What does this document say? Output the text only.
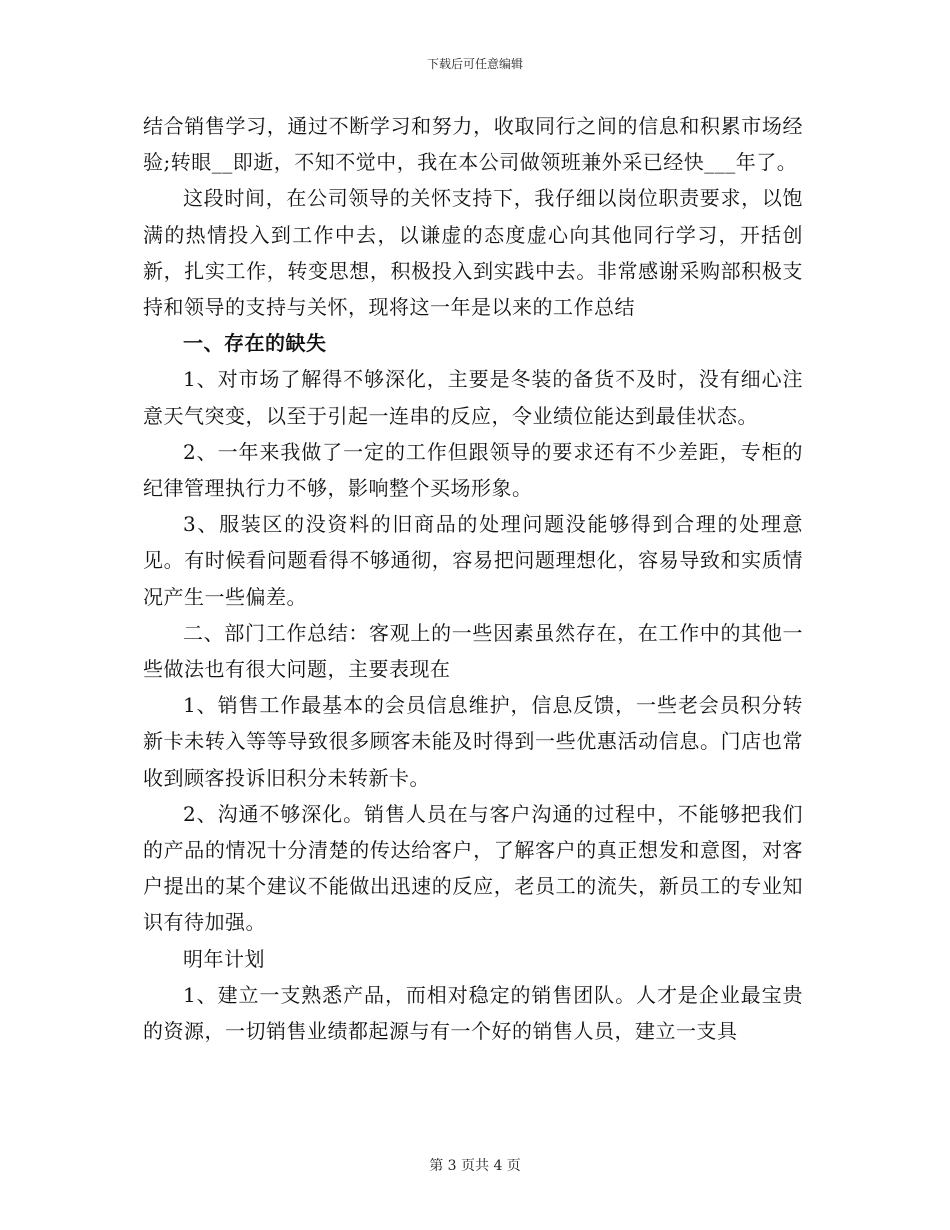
下载后可任意编辑

结合销售学习，通过不断学习和努力，收取同行之间的信息和积累市场经验;转眼__即逝，不知不觉中，我在本公司做领班兼外采已经快___年了。

这段时间，在公司领导的关怀支持下，我仔细以岗位职责要求，以饱满的热情投入到工作中去，以谦虚的态度虚心向其他同行学习，开括创新，扎实工作，转变思想，积极投入到实践中去。非常感谢采购部积极支持和领导的支持与关怀，现将这一年是以来的工作总结

一、存在的缺失

1、对市场了解得不够深化，主要是冬装的备货不及时，没有细心注意天气突变，以至于引起一连串的反应，令业绩位能达到最佳状态。

2、一年来我做了一定的工作但跟领导的要求还有不少差距，专柜的纪律管理执行力不够，影响整个买场形象。

3、服装区的没资料的旧商品的处理问题没能够得到合理的处理意见。有时候看问题看得不够通彻，容易把问题理想化，容易导致和实质情况产生一些偏差。

二、部门工作总结：客观上的一些因素虽然存在，在工作中的其他一些做法也有很大问题，主要表现在

1、销售工作最基本的会员信息维护，信息反馈，一些老会员积分转新卡未转入等等导致很多顾客未能及时得到一些优惠活动信息。门店也常收到顾客投诉旧积分未转新卡。

2、沟通不够深化。销售人员在与客户沟通的过程中，不能够把我们的产品的情况十分清楚的传达给客户，了解客户的真正想发和意图，对客户提出的某个建议不能做出迅速的反应，老员工的流失，新员工的专业知识有待加强。

明年计划

1、建立一支熟悉产品，而相对稳定的销售团队。人才是企业最宝贵的资源，一切销售业绩都起源与有一个好的销售人员，建立一支具

第 3 页共 4 页
